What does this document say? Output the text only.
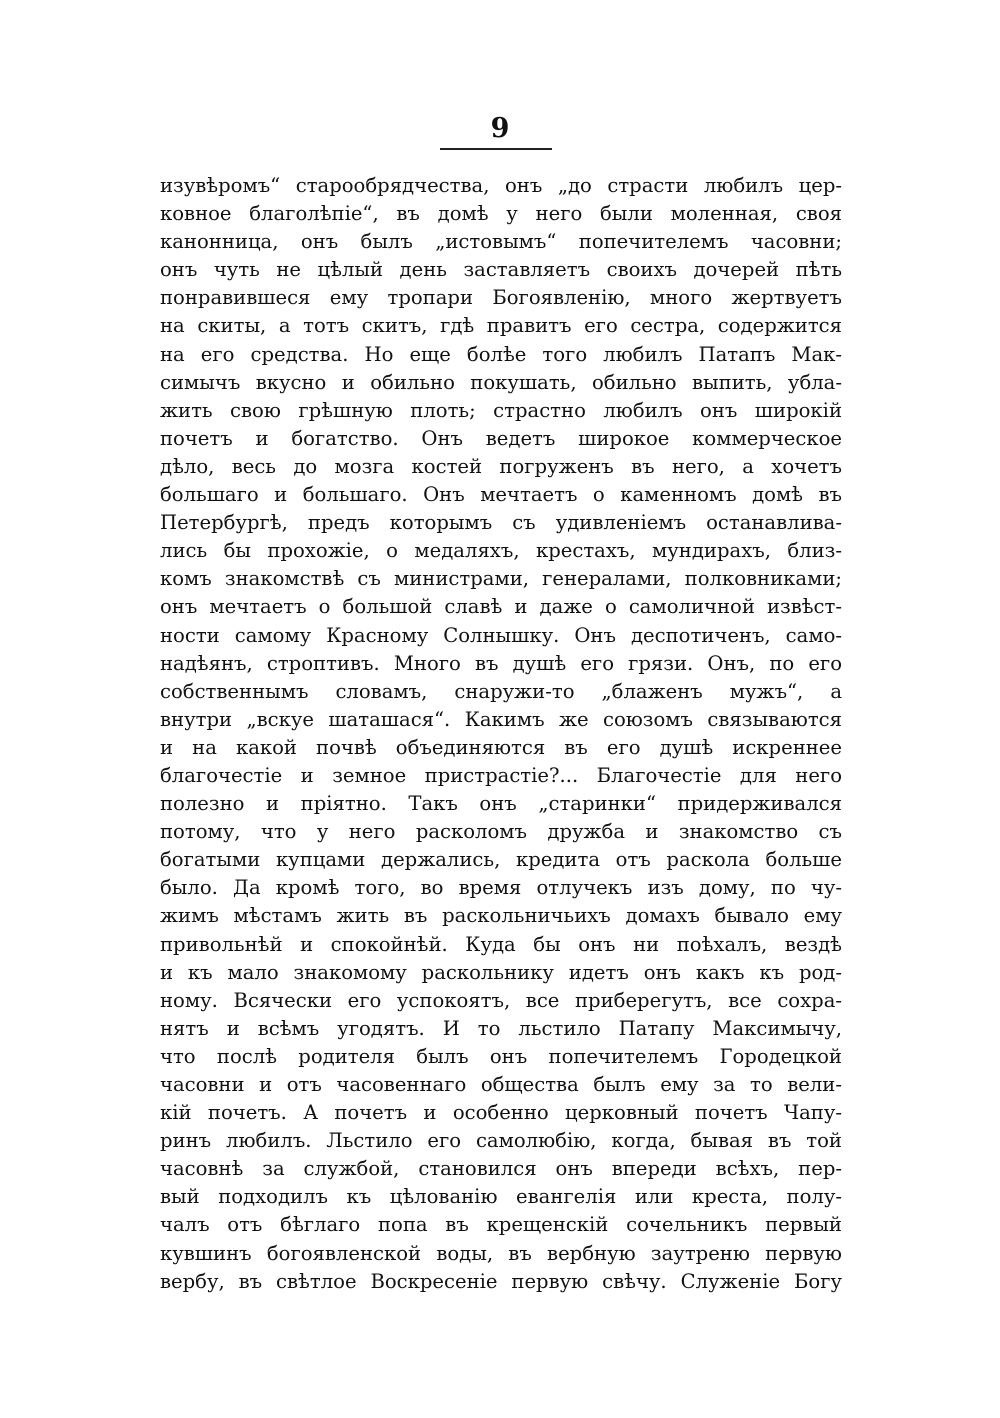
9
изувѣромъ“ старообрядчества, онъ „до страсти любилъ цер-
ковное благолѣпіе“, въ домѣ у него были моленная, своя
канонница, онъ былъ „истовымъ“ попечителемъ часовни;
онъ чуть не цѣлый день заставляетъ своихъ дочерей пѣть
понравившеся ему тропари Богоявленію, много жертвуетъ
на скиты, а тотъ скитъ, гдѣ правитъ его сестра, содержится
на его средства. Но еще болѣе того любилъ Патапъ Мак-
симычъ вкусно и обильно покушать, обильно выпить, убла-
жить свою грѣшную плоть; страстно любилъ онъ широкій
почетъ и богатство. Онъ ведетъ широкое коммерческое
дѣло, весь до мозга костей погруженъ въ него, а хочетъ
большаго и большаго. Онъ мечтаетъ о каменномъ домѣ въ
Петербургѣ, предъ которымъ съ удивленіемъ останавлива-
лись бы прохожіе, о медаляхъ, крестахъ, мундирахъ, близ-
комъ знакомствѣ съ министрами, генералами, полковниками;
онъ мечтаетъ о большой славѣ и даже о самоличной извѣст-
ности самому Красному Солнышку. Онъ деспотиченъ, само-
надѣянъ, строптивъ. Много въ душѣ его грязи. Онъ, по его
собственнымъ словамъ, снаружи-то „блаженъ мужъ“, а
внутри „вскуе шаташася“. Какимъ же союзомъ связываются
и на какой почвѣ объединяются въ его душѣ искреннее
благочестіе и земное пристрастіе?... Благочестіе для него
полезно и пріятно. Такъ онъ „старинки“ придерживался
потому, что у него расколомъ дружба и знакомство съ
богатыми купцами держались, кредита отъ раскола больше
было. Да кромѣ того, во время отлучекъ изъ дому, по чу-
жимъ мѣстамъ жить въ раскольничьихъ домахъ бывало ему
привольнѣй и спокойнѣй. Куда бы онъ ни поѣхалъ, вездѣ
и къ мало знакомому раскольнику идетъ онъ какъ къ род-
ному. Всячески его успокоятъ, все приберегутъ, все сохра-
нятъ и всѣмъ угодятъ. И то льстило Патапу Максимычу,
что послѣ родителя былъ онъ попечителемъ Городецкой
часовни и отъ часовеннаго общества былъ ему за то вели-
кій почетъ. А почетъ и особенно церковный почетъ Чапу-
ринъ любилъ. Льстило его самолюбію, когда, бывая въ той
часовнѣ за службой, становился онъ впереди всѣхъ, пер-
вый подходилъ къ цѣлованію евангелія или креста, полу-
чалъ отъ бѣглаго попа въ крещенскій сочельникъ первый
кувшинъ богоявленской воды, въ вербную заутреню первую
вербу, въ свѣтлое Воскресеніе первую свѣчу. Служеніе Богу
